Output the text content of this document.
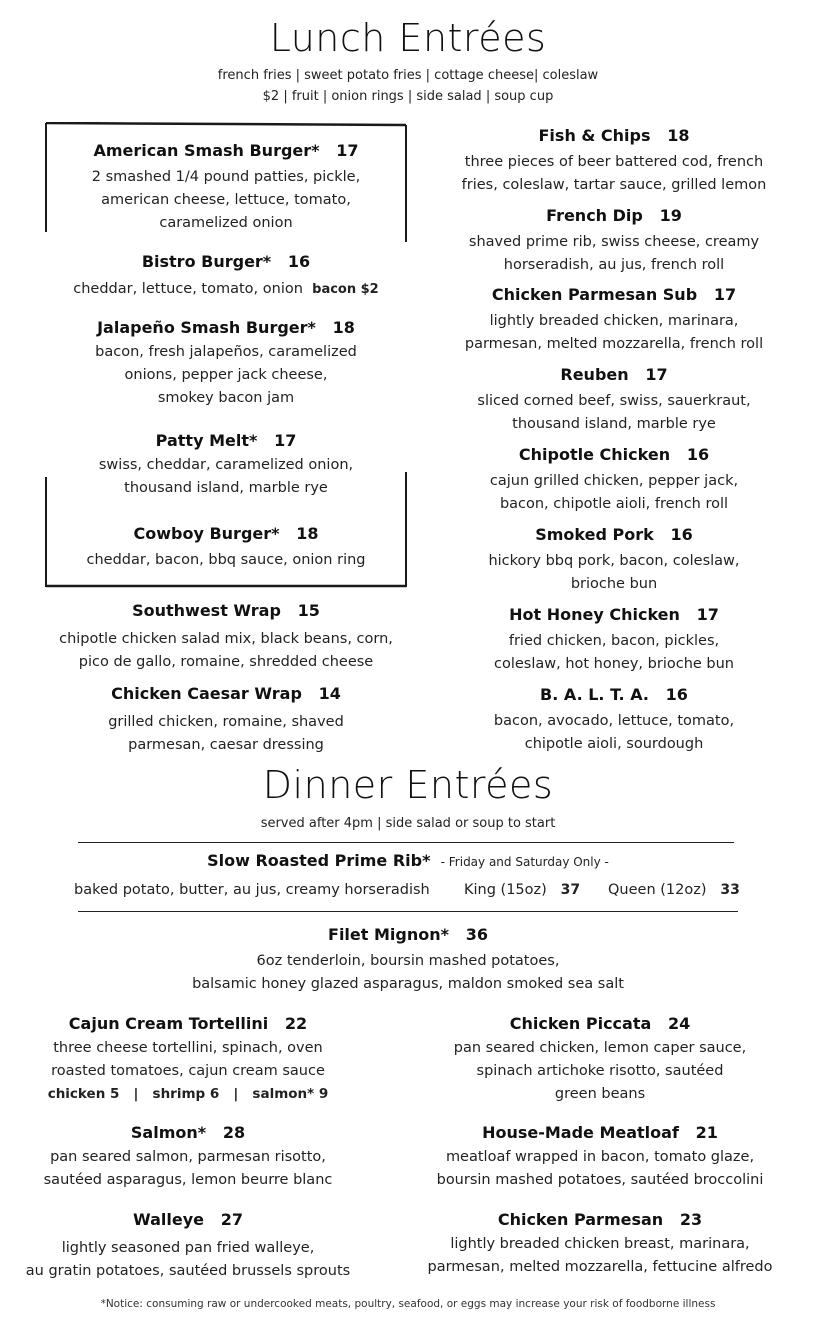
Lunch Entrées
french fries | sweet potato fries | cottage cheese| coleslaw
$2 | fruit | onion rings | side salad | soup cup
American Smash Burger* 17
2 smashed 1/4 pound patties, pickle,
american cheese, lettuce, tomato,
caramelized onion
Bistro Burger* 16
cheddar, lettuce, tomato, onion bacon $2
Jalapeño Smash Burger* 18
bacon, fresh jalapeños, caramelized
onions, pepper jack cheese,
smokey bacon jam
Patty Melt* 17
swiss, cheddar, caramelized onion,
thousand island, marble rye
Cowboy Burger* 18
cheddar, bacon, bbq sauce, onion ring
Southwest Wrap 15
chipotle chicken salad mix, black beans, corn,
pico de gallo, romaine, shredded cheese
Chicken Caesar Wrap 14
grilled chicken, romaine, shaved
parmesan, caesar dressing
Fish & Chips 18
three pieces of beer battered cod, french
fries, coleslaw, tartar sauce, grilled lemon
French Dip 19
shaved prime rib, swiss cheese, creamy
horseradish, au jus, french roll
Chicken Parmesan Sub 17
lightly breaded chicken, marinara,
parmesan, melted mozzarella, french roll
Reuben 17
sliced corned beef, swiss, sauerkraut,
thousand island, marble rye
Chipotle Chicken 16
cajun grilled chicken, pepper jack,
bacon, chipotle aioli, french roll
Smoked Pork 16
hickory bbq pork, bacon, coleslaw,
brioche bun
Hot Honey Chicken 17
fried chicken, bacon, pickles,
coleslaw, hot honey, brioche bun
B. A. L. T. A. 16
bacon, avocado, lettuce, tomato,
chipotle aioli, sourdough
Dinner Entrées
served after 4pm | side salad or soup to start
Slow Roasted Prime Rib* - Friday and Saturday Only -
baked potato, butter, au jus, creamy horseradish King (15oz) 37 Queen (12oz) 33
Filet Mignon* 36
6oz tenderloin, boursin mashed potatoes,
balsamic honey glazed asparagus, maldon smoked sea salt
Cajun Cream Tortellini 22
three cheese tortellini, spinach, oven
roasted tomatoes, cajun cream sauce
chicken 5   |   shrimp 6   |   salmon* 9
Salmon* 28
pan seared salmon, parmesan risotto,
sautéed asparagus, lemon beurre blanc
Walleye 27
lightly seasoned pan fried walleye,
au gratin potatoes, sautéed brussels sprouts
Chicken Piccata 24
pan seared chicken, lemon caper sauce,
spinach artichoke risotto, sautéed
green beans
House-Made Meatloaf 21
meatloaf wrapped in bacon, tomato glaze,
boursin mashed potatoes, sautéed broccolini
Chicken Parmesan 23
lightly breaded chicken breast, marinara,
parmesan, melted mozzarella, fettucine alfredo
*Notice: consuming raw or undercooked meats, poultry, seafood, or eggs may increase your risk of foodborne illness
